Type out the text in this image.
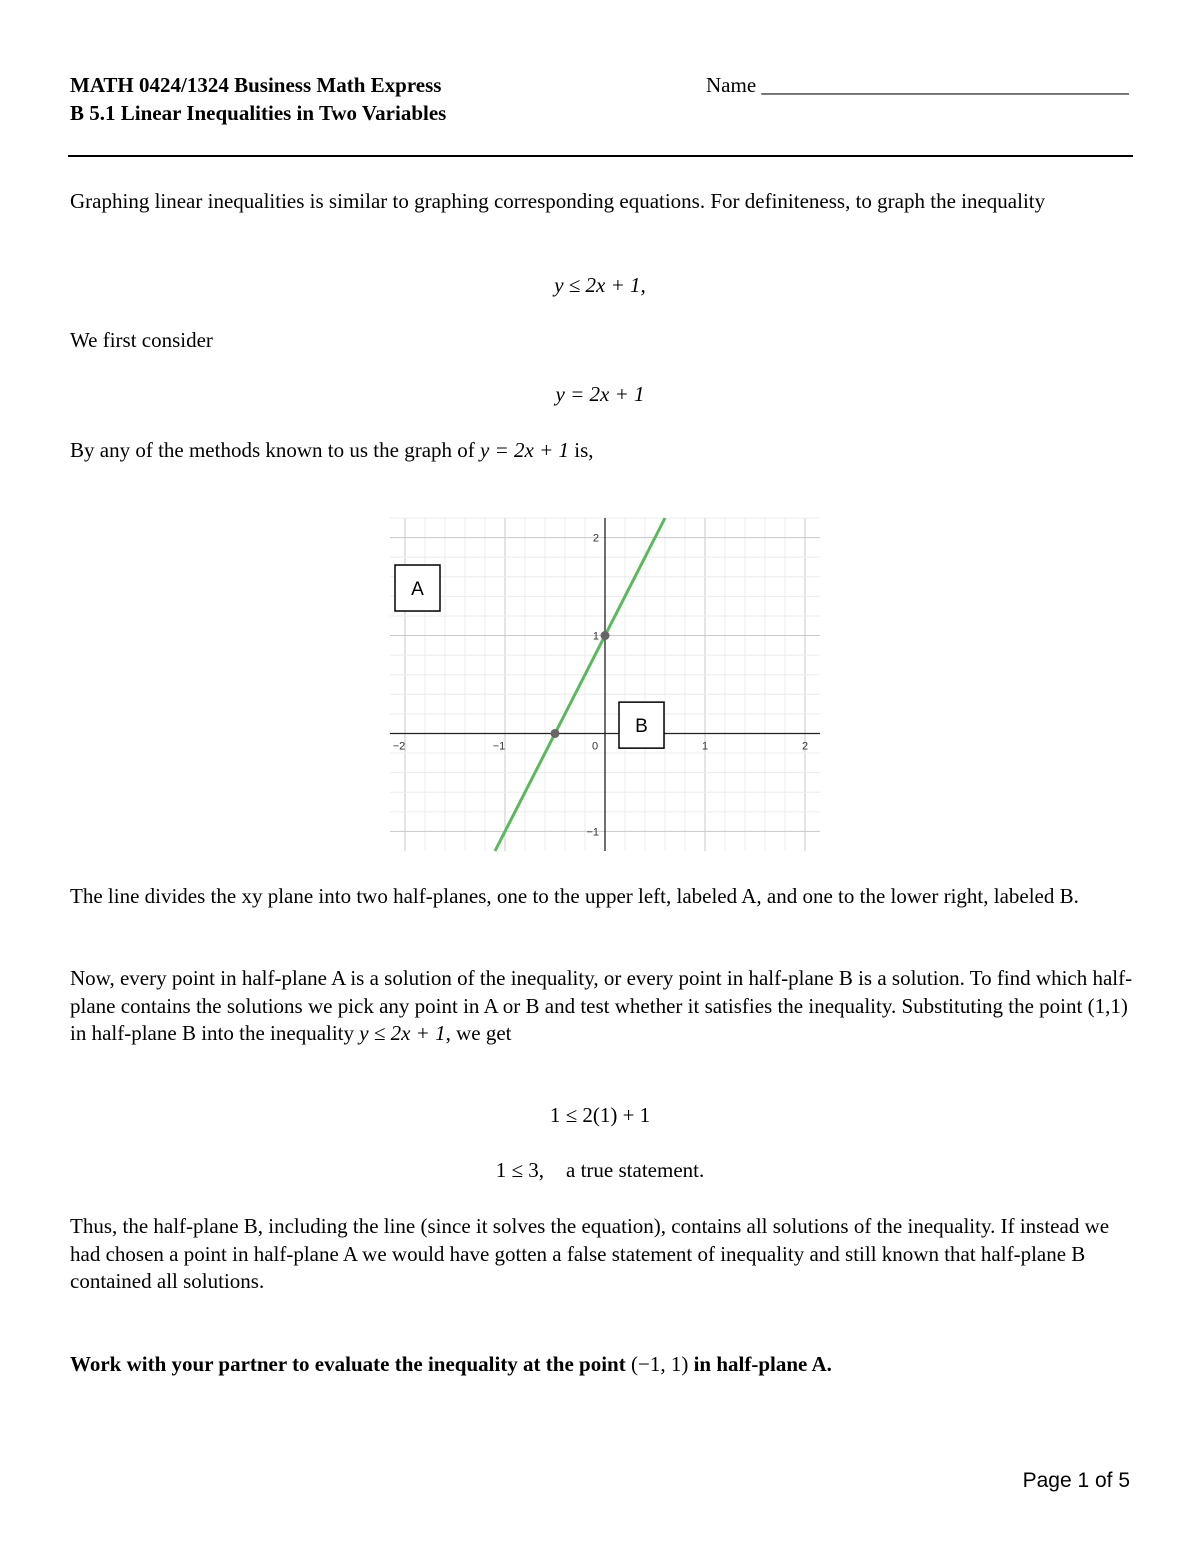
MATH 0424/1324 Business Math Express
B 5.1 Linear Inequalities in Two Variables
Name ___________________________________
Graphing linear inequalities is similar to graphing corresponding equations. For definiteness, to graph the inequality
y ≤ 2x + 1,
We first consider
y = 2x + 1
By any of the methods known to us the graph of y = 2x + 1 is,
−2	−1	0	1	2
−1
1
2
A
B
The line divides the xy plane into two half-planes, one to the upper left, labeled A, and one to the lower right, labeled B.
Now, every point in half-plane A is a solution of the inequality, or every point in half-plane B is a solution. To find which half-plane contains the solutions we pick any point in A or B and test whether it satisfies the inequality. Substituting the point (1,1) in half-plane B into the inequality y ≤ 2x + 1, we get
1 ≤ 2(1) + 1
1 ≤ 3, a true statement.
Thus, the half-plane B, including the line (since it solves the equation), contains all solutions of the inequality. If instead we had chosen a point in half-plane A we would have gotten a false statement of inequality and still known that half-plane B contained all solutions.
Work with your partner to evaluate the inequality at the point (−1, 1) in half-plane A.
Page 1 of 5
